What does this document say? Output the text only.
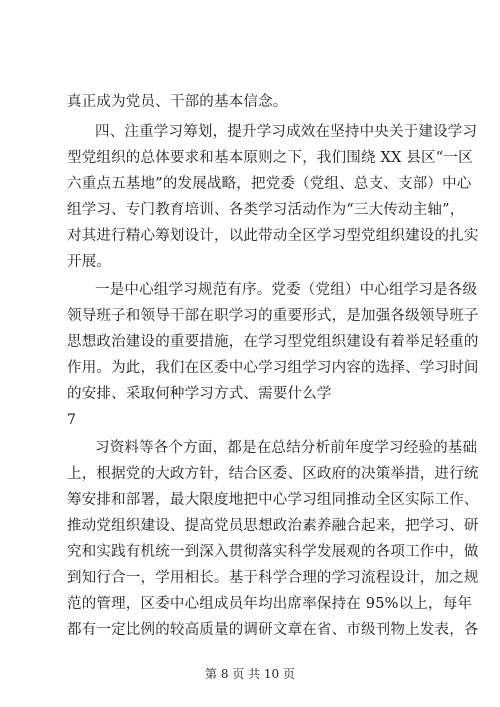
真正成为党员、干部的基本信念。
四、注重学习筹划，提升学习成效在坚持中央关于建设学习
型党组织的总体要求和基本原则之下，我们围绕 XX 县区“一区
六重点五基地”的发展战略，把党委（党组、总支、支部）中心
组学习、专门教育培训、各类学习活动作为“三大传动主轴”，
对其进行精心筹划设计，以此带动全区学习型党组织建设的扎实
开展。
一是中心组学习规范有序。党委（党组）中心组学习是各级
领导班子和领导干部在职学习的重要形式，是加强各级领导班子
思想政治建设的重要措施，在学习型党组织建设有着举足轻重的
作用。为此，我们在区委中心学习组学习内容的选择、学习时间
的安排、采取何种学习方式、需要什么学
7
习资料等各个方面，都是在总结分析前年度学习经验的基础
上，根据党的大政方针，结合区委、区政府的决策举措，进行统
筹安排和部署，最大限度地把中心学习组同推动全区实际工作、
推动党组织建设、提高党员思想政治素养融合起来，把学习、研
究和实践有机统一到深入贯彻落实科学发展观的各项工作中，做
到知行合一，学用相长。基于科学合理的学习流程设计，加之规
范的管理，区委中心组成员年均出席率保持在 95%以上，每年
都有一定比例的较高质量的调研文章在省、市级刊物上发表，各
第 8 页 共 10 页
